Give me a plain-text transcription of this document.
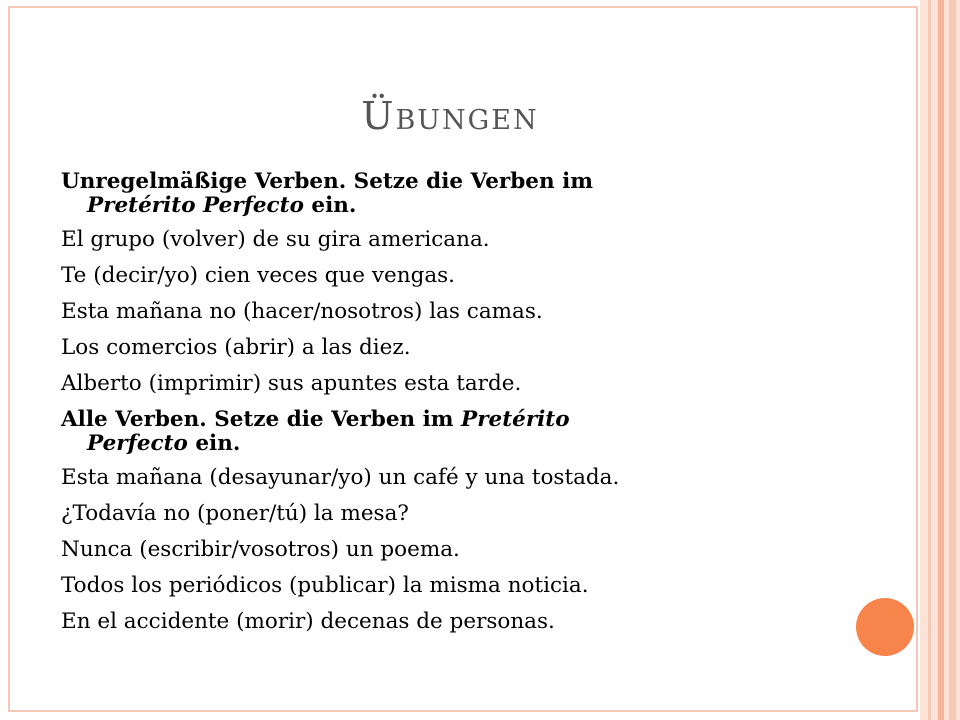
Übungen
Unregelmäßige Verben. Setze die Verben im
Pretérito Perfecto ein.
El grupo (volver) de su gira americana.
Te (decir/yo) cien veces que vengas.
Esta mañana no (hacer/nosotros) las camas.
Los comercios (abrir) a las diez.
Alberto (imprimir) sus apuntes esta tarde.
Alle Verben. Setze die Verben im Pretérito
Perfecto ein.
Esta mañana (desayunar/yo) un café y una tostada.
¿Todavía no (poner/tú) la mesa?
Nunca (escribir/vosotros) un poema.
Todos los periódicos (publicar) la misma noticia.
En el accidente (morir) decenas de personas.
